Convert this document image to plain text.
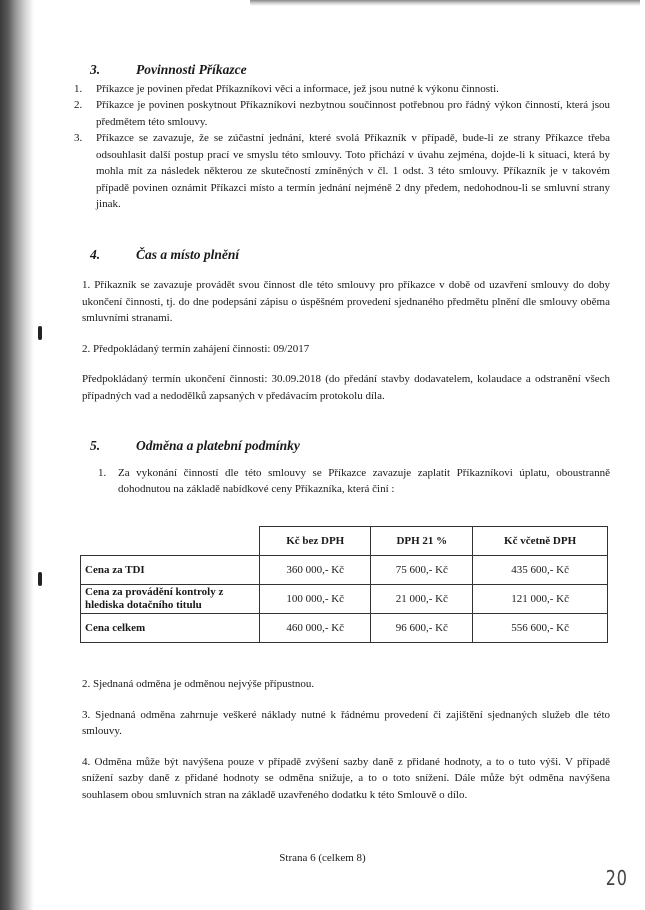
3.	Povinnosti Příkazce
1.	Příkazce je povinen předat Příkazníkovi věci a informace, jež jsou nutné k výkonu činnosti.
2.	Příkazce je povinen poskytnout Příkazníkovi nezbytnou součinnost potřebnou pro řádný výkon činností, která jsou předmětem této smlouvy.
3.	Příkazce se zavazuje, že se zúčastní jednání, které svolá Příkazník v případě, bude-li ze strany Příkazce třeba odsouhlasit další postup prací ve smyslu této smlouvy. Toto přichází v úvahu zejména, dojde-li k situaci, která by mohla mít za následek některou ze skutečností zmíněných v čl. 1 odst. 3 této smlouvy. Příkazník je v takovém případě povinen oznámit Příkazci místo a termín jednání nejméně 2 dny předem, nedohodnou-li se smluvní strany jinak.
4.	Čas a místo plnění

1. Příkazník se zavazuje provádět svou činnost dle této smlouvy pro příkazce v době od uzavření smlouvy do doby ukončení činnosti, tj. do dne podepsání zápisu o úspěšném provedení sjednaného předmětu plnění dle smlouvy oběma smluvními stranami.

2. Předpokládaný termín zahájení činnosti: 09/2017

Předpokládaný termín ukončení činnosti: 30.09.2018 (do předání stavby dodavatelem, kolaudace a odstranění všech případných vad a nedodělků zapsaných v předávacím protokolu díla.

5.	Odměna a platební podmínky
1.	Za vykonání činností dle této smlouvy se Příkazce zavazuje zaplatit Příkazníkovi úplatu, oboustranně dohodnutou na základě nabídkové ceny Příkazníka, která činí :

	Kč bez DPH	DPH 21 %	Kč včetně DPH
Cena za TDI	360 000,- Kč	75 600,- Kč	435 600,- Kč
Cena za provádění kontroly z hlediska dotačního titulu	100 000,- Kč	21 000,- Kč	121 000,- Kč
Cena celkem	460 000,- Kč	96 600,- Kč	556 600,- Kč

2. Sjednaná odměna je odměnou nejvýše přípustnou.

3. Sjednaná odměna zahrnuje veškeré náklady nutné k řádnému provedení či zajištění sjednaných služeb dle této smlouvy.

4. Odměna může být navýšena pouze v případě zvýšení sazby daně z přidané hodnoty, a to o tuto výši. V případě snížení sazby daně z přidané hodnoty se odměna snižuje, a to o toto snížení. Dále může být odměna navýšena souhlasem obou smluvních stran na základě uzavřeného dodatku k této Smlouvě o dílo.

Strana 6 (celkem 8)
20
